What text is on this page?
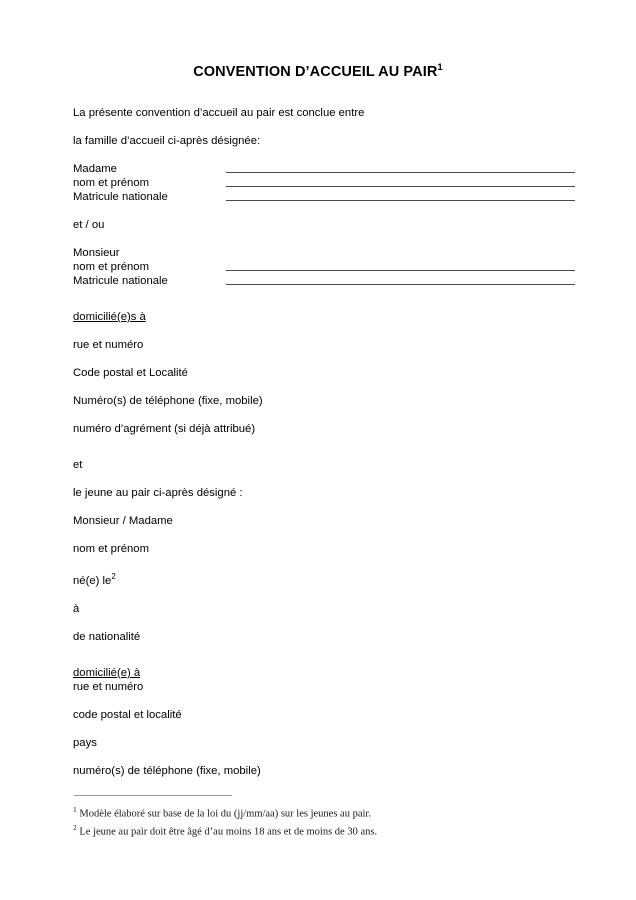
CONVENTION D’ACCUEIL AU PAIR$^1$
La présente convention d’accueil au pair est conclue entre
la famille d’accueil ci-après désignée:
Madame
nom et prénom
Matricule nationale
et / ou
Monsieur
nom et prénom
Matricule nationale
domicilié(e)s à
rue et numéro
Code postal et Localité
Numéro(s) de téléphone (fixe, mobile)
numéro d’agrément (si déjà attribué)
et
le jeune au pair ci-après désigné :
Monsieur / Madame
nom et prénom
né(e) le$^2$
à
de nationalité
domicilié(e) à
rue et numéro
code postal et localité
pays
numéro(s) de téléphone (fixe, mobile)
$^1$ Modèle élaboré sur base de la loi du (jj/mm/aa) sur les jeunes au pair.
$^2$ Le jeune au pair doit être âgé d’au moins 18 ans et de moins de 30 ans.
